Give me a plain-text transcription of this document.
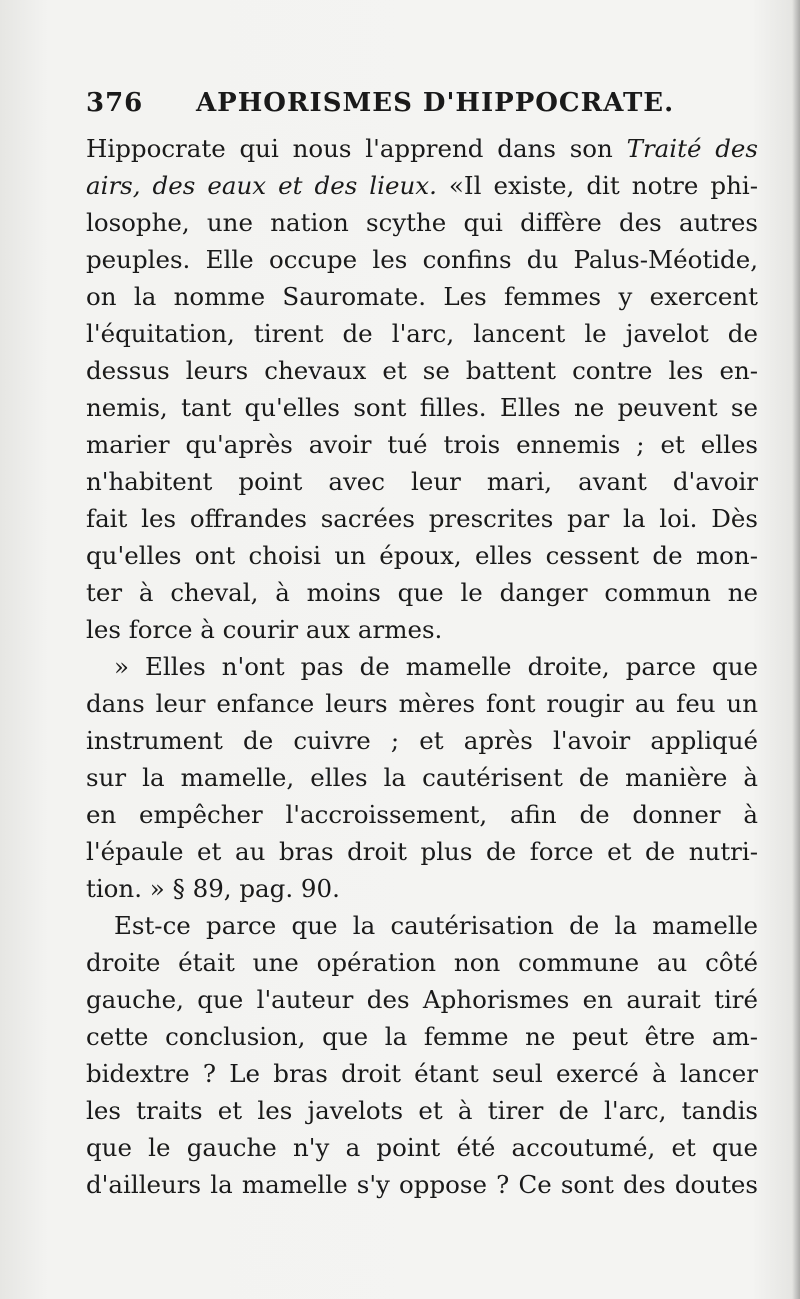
376 APHORISMES D'HIPPOCRATE.
Hippocrate qui nous l'apprend dans son Traité des
airs, des eaux et des lieux. «Il existe, dit notre phi-
losophe, une nation scythe qui diffère des autres
peuples. Elle occupe les confins du Palus-Méotide,
on la nomme Sauromate. Les femmes y exercent
l'équitation, tirent de l'arc, lancent le javelot de
dessus leurs chevaux et se battent contre les en-
nemis, tant qu'elles sont filles. Elles ne peuvent se
marier qu'après avoir tué trois ennemis ; et elles
n'habitent point avec leur mari, avant d'avoir
fait les offrandes sacrées prescrites par la loi. Dès
qu'elles ont choisi un époux, elles cessent de mon-
ter à cheval, à moins que le danger commun ne
les force à courir aux armes.
» Elles n'ont pas de mamelle droite, parce que
dans leur enfance leurs mères font rougir au feu un
instrument de cuivre ; et après l'avoir appliqué
sur la mamelle, elles la cautérisent de manière à
en empêcher l'accroissement, afin de donner à
l'épaule et au bras droit plus de force et de nutri-
tion. » § 89, pag. 90.
Est-ce parce que la cautérisation de la mamelle
droite était une opération non commune au côté
gauche, que l'auteur des Aphorismes en aurait tiré
cette conclusion, que la femme ne peut être am-
bidextre ? Le bras droit étant seul exercé à lancer
les traits et les javelots et à tirer de l'arc, tandis
que le gauche n'y a point été accoutumé, et que
d'ailleurs la mamelle s'y oppose ? Ce sont des doutes
